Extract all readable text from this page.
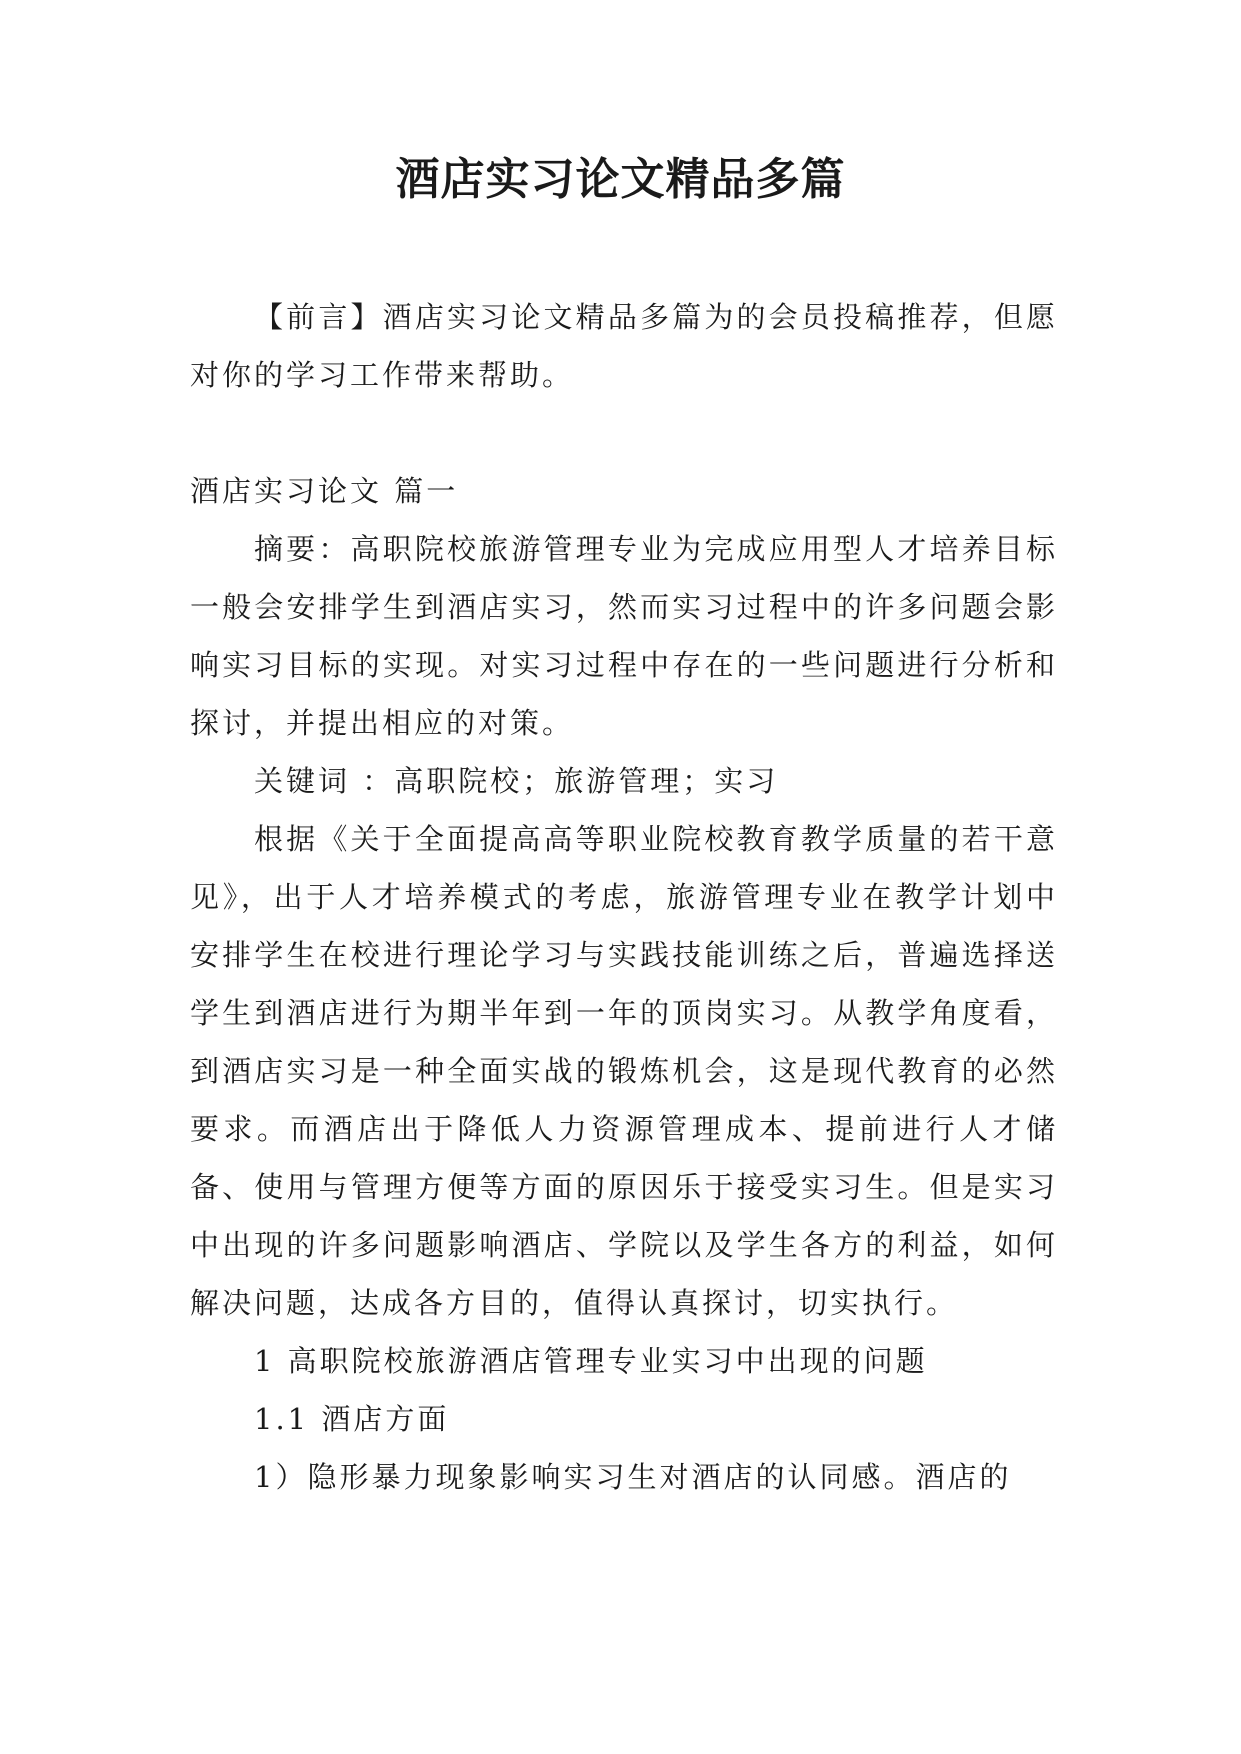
酒店实习论文精品多篇

【前言】酒店实习论文精品多篇为的会员投稿推荐，但愿对你的学习工作带来帮助。

酒店实习论文 篇一

摘要：高职院校旅游管理专业为完成应用型人才培养目标一般会安排学生到酒店实习，然而实习过程中的许多问题会影响实习目标的实现。对实习过程中存在的一些问题进行分析和探讨，并提出相应的对策。

关键词 ：高职院校；旅游管理；实习

根据《关于全面提高高等职业院校教育教学质量的若干意见》，出于人才培养模式的考虑，旅游管理专业在教学计划中安排学生在校进行理论学习与实践技能训练之后，普遍选择送学生到酒店进行为期半年到一年的顶岗实习。从教学角度看，到酒店实习是一种全面实战的锻炼机会，这是现代教育的必然要求。而酒店出于降低人力资源管理成本、提前进行人才储备、使用与管理方便等方面的原因乐于接受实习生。但是实习中出现的许多问题影响酒店、学院以及学生各方的利益，如何解决问题，达成各方目的，值得认真探讨，切实执行。

1 高职院校旅游酒店管理专业实习中出现的问题

1.1 酒店方面

1）隐形暴力现象影响实习生对酒店的认同感。酒店的
